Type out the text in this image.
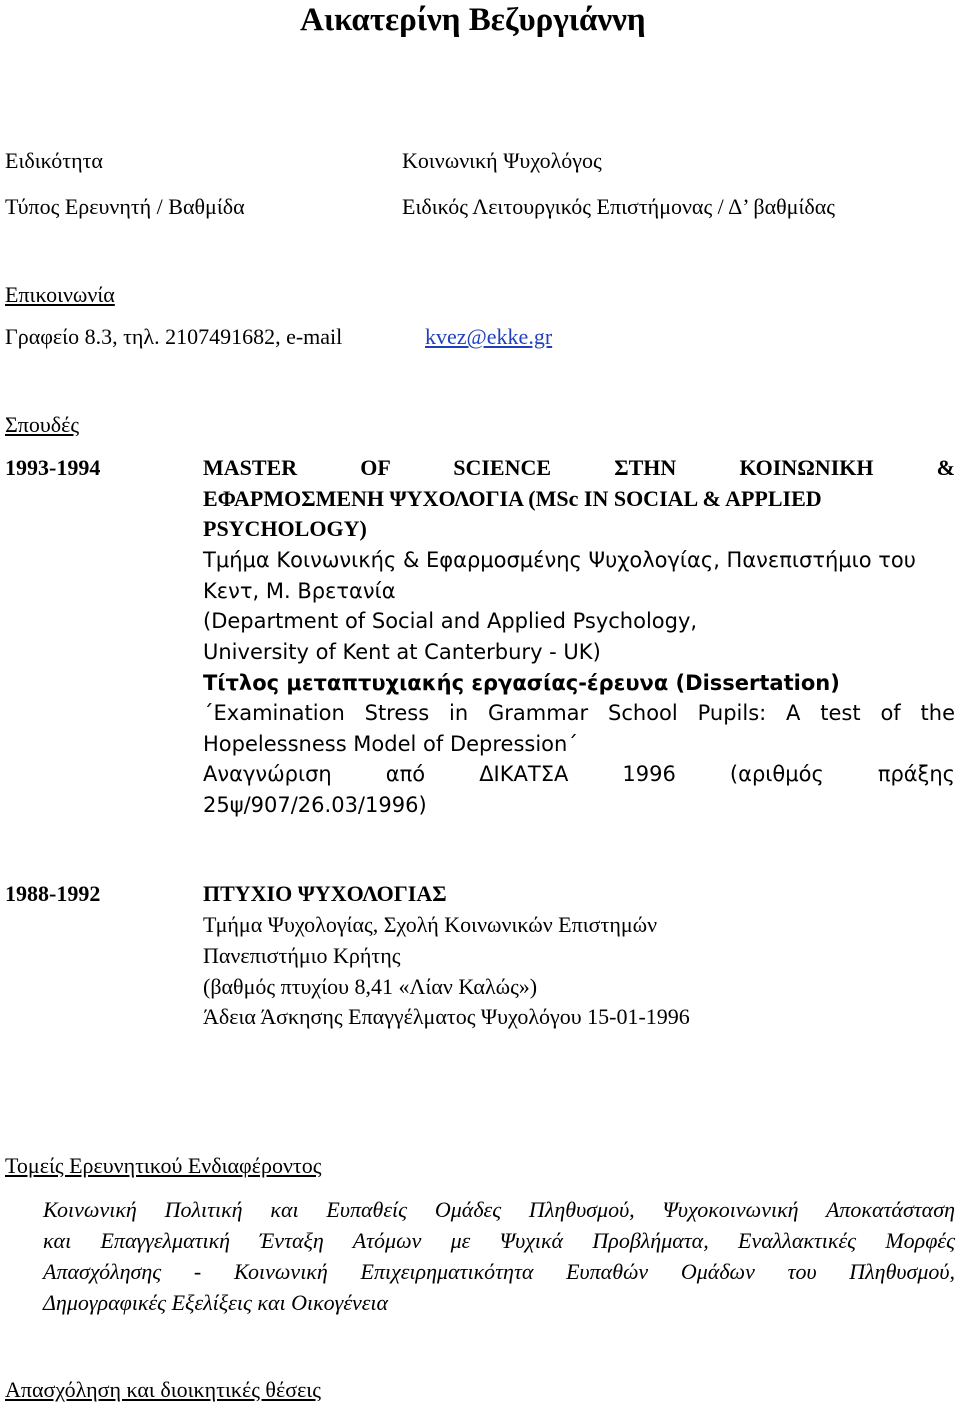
Αικατερίνη Βεζυργιάννη
Ειδικότητα	Κοινωνική Ψυχολόγος
Τύπος Ερευνητή / Βαθμίδα	Ειδικός Λειτουργικός Επιστήμονας / Δ’ βαθμίδας
Επικοινωνία
Γραφείο 8.3, τηλ. 2107491682, e-mail	kvez@ekke.gr
Σπουδές
1993-1994	MASTER OF SCIENCE ΣΤΗΝ ΚΟΙΝΩΝΙΚΗ &
ΕΦΑΡΜΟΣΜΕΝΗ ΨΥΧΟΛΟΓΙΑ (MSc IN SOCIAL & APPLIED
PSYCHOLOGY)
Τμήμα Κοινωνικής & Εφαρμοσμένης Ψυχολογίας, Πανεπιστήμιο του
Κεντ, Μ. Βρετανία
(Department of Social and Applied Psychology,
University of Kent at Canterbury - UK)
Τίτλος μεταπτυχιακής εργασίας-έρευνα (Dissertation)
΄Examination Stress in Grammar School Pupils: A test of the
Hopelessness Model of Depression΄
Αναγνώριση από ΔΙΚΑΤΣΑ 1996 (αριθμός πράξης
25ψ/907/26.03/1996)
1988-1992	ΠΤΥΧΙΟ ΨΥΧΟΛΟΓΙΑΣ
Τμήμα Ψυχολογίας, Σχολή Κοινωνικών Επιστημών
Πανεπιστήμιο Κρήτης
(βαθμός πτυχίου 8,41 «Λίαν Καλώς»)
Άδεια Άσκησης Επαγγέλματος Ψυχολόγου 15-01-1996
Τομείς Ερευνητικού Ενδιαφέροντος
Κοινωνική Πολιτική και Ευπαθείς Ομάδες Πληθυσμού, Ψυχοκοινωνική Αποκατάσταση
και Επαγγελματική Ένταξη Ατόμων με Ψυχικά Προβλήματα, Εναλλακτικές Μορφές
Απασχόλησης - Κοινωνική Επιχειρηματικότητα Ευπαθών Ομάδων του Πληθυσμού,
Δημογραφικές Εξελίξεις και Οικογένεια
Απασχόληση και διοικητικές θέσεις
